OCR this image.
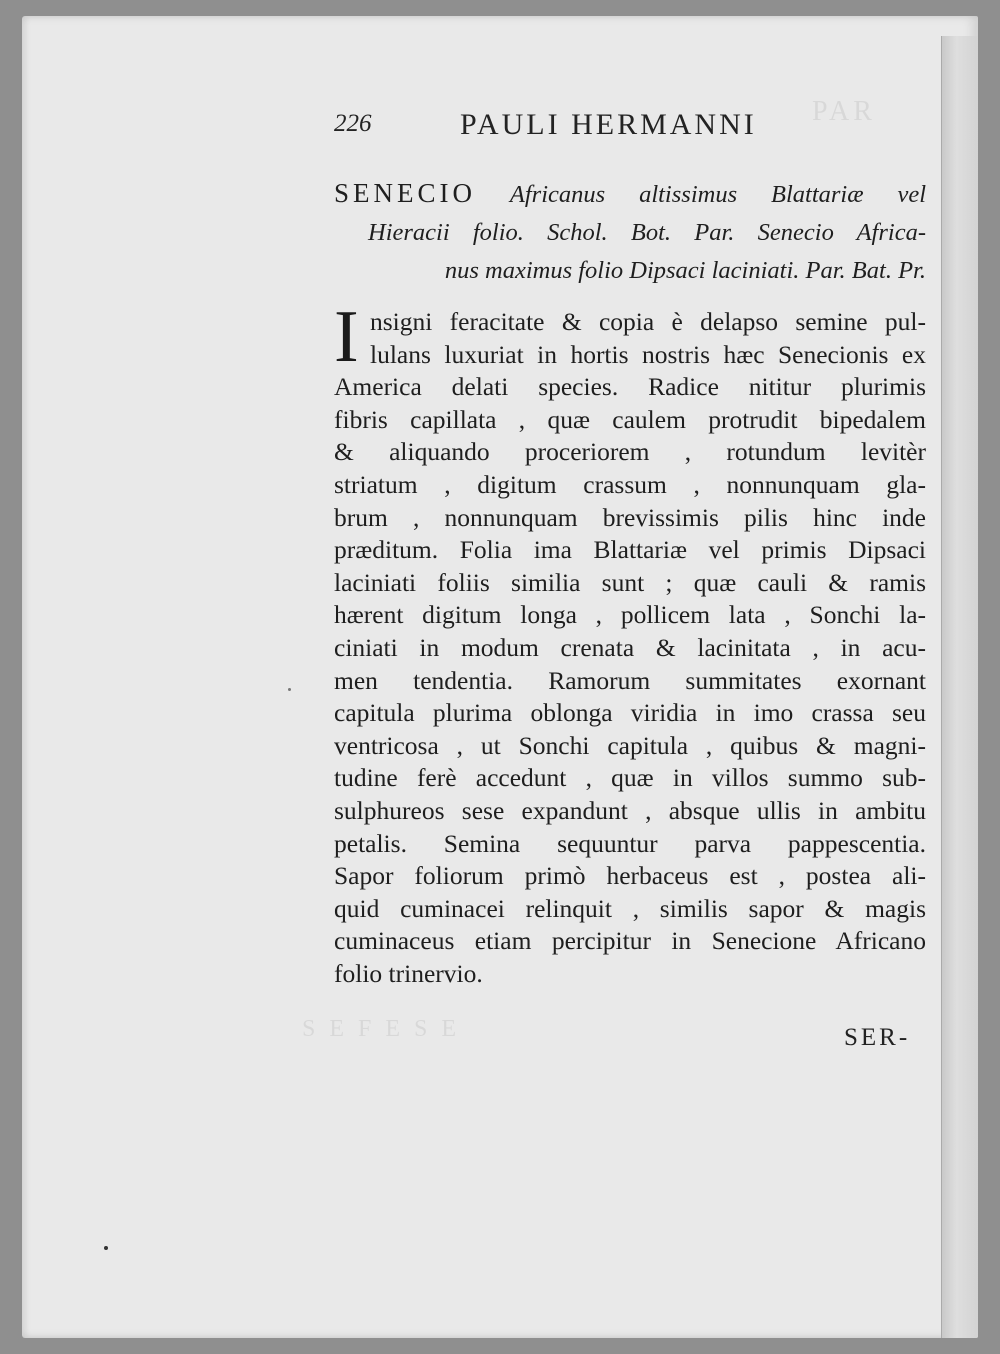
PAR
S E F E S E
226	PAULI HERMANNI
SENECIO Africanus altissimus Blattariæ vel
Hieracii folio. Schol. Bot. Par. Senecio Africa-
nus maximus folio Dipsaci laciniati. Par. Bat. Pr.
I nsigni feracitate & copia è delapso semine pul-
lulans luxuriat in hortis nostris hæc Senecionis ex
America delati species. Radice nititur plurimis
fibris capillata , quæ caulem protrudit bipedalem
& aliquando proceriorem , rotundum levitèr
striatum , digitum crassum , nonnunquam gla-
brum , nonnunquam brevissimis pilis hinc inde
præditum. Folia ima Blattariæ vel primis Dipsaci
laciniati foliis similia sunt ; quæ cauli & ramis
hærent digitum longa , pollicem lata , Sonchi la-
ciniati in modum crenata & lacinitata , in acu-
men tendentia. Ramorum summitates exornant
capitula plurima oblonga viridia in imo crassa seu
ventricosa , ut Sonchi capitula , quibus & magni-
tudine ferè accedunt , quæ in villos summo sub-
sulphureos sese expandunt , absque ullis in ambitu
petalis. Semina sequuntur parva pappescentia.
Sapor foliorum primò herbaceus est , postea ali-
quid cuminacei relinquit , similis sapor & magis
cuminaceus etiam percipitur in Senecione Africano
folio trinervio.
SER-
